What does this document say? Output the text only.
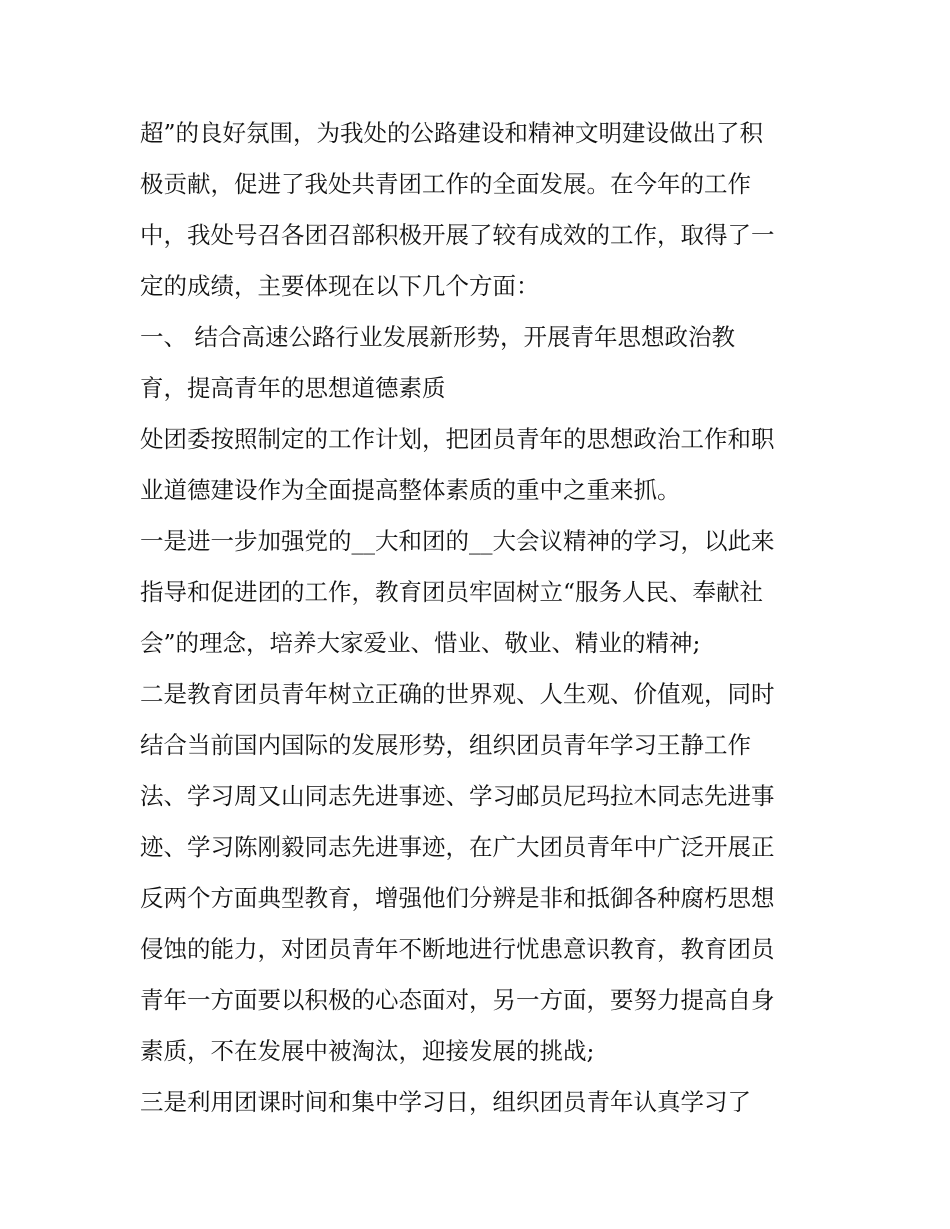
超”的良好氛围，为我处的公路建设和精神文明建设做出了积

极贡献，促进了我处共青团工作的全面发展。在今年的工作

中，我处号召各团召部积极开展了较有成效的工作，取得了一

定的成绩，主要体现在以下几个方面：

一、 结合高速公路行业发展新形势，开展青年思想政治教

育，提高青年的思想道德素质

处团委按照制定的工作计划，把团员青年的思想政治工作和职

业道德建设作为全面提高整体素质的重中之重来抓。

一是进一步加强党的__大和团的__大会议精神的学习，以此来

指导和促进团的工作，教育团员牢固树立“服务人民、奉献社

会”的理念，培养大家爱业、惜业、敬业、精业的精神;

二是教育团员青年树立正确的世界观、人生观、价值观，同时

结合当前国内国际的发展形势，组织团员青年学习王静工作

法、学习周又山同志先进事迹、学习邮员尼玛拉木同志先进事

迹、学习陈刚毅同志先进事迹，在广大团员青年中广泛开展正

反两个方面典型教育，增强他们分辨是非和抵御各种腐朽思想

侵蚀的能力，对团员青年不断地进行忧患意识教育，教育团员

青年一方面要以积极的心态面对，另一方面，要努力提高自身

素质，不在发展中被淘汰，迎接发展的挑战;

三是利用团课时间和集中学习日，组织团员青年认真学习了
